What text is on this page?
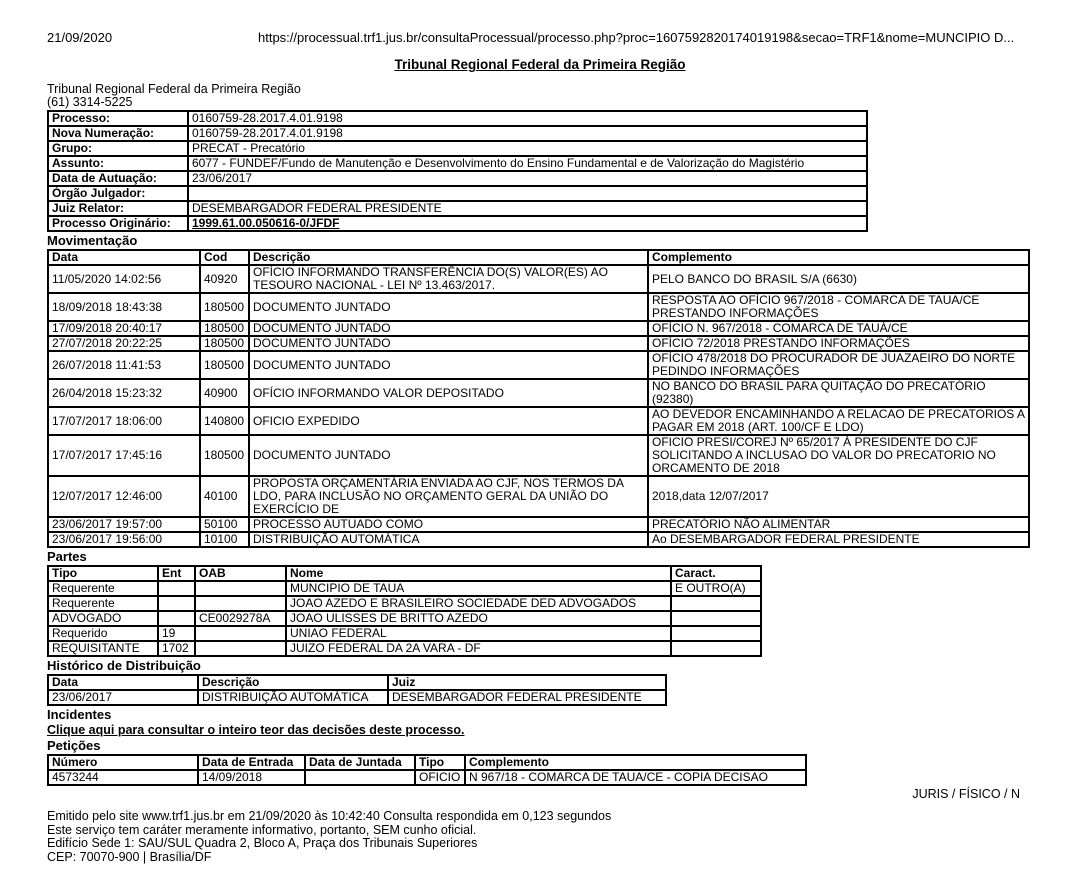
21/09/2020	https://processual.trf1.jus.br/consultaProcessual/processo.php?proc=1607592820174019198&secao=TRF1&nome=MUNCIPIO D...
Tribunal Regional Federal da Primeira Região
Tribunal Regional Federal da Primeira Região
(61) 3314-5225
Processo:	0160759-28.2017.4.01.9198
Nova Numeração:	0160759-28.2017.4.01.9198
Grupo:	PRECAT - Precatório
Assunto:	6077 - FUNDEF/Fundo de Manutenção e Desenvolvimento do Ensino Fundamental e de Valorização do Magistério
Data de Autuação:	23/06/2017
Órgão Julgador:	
Juiz Relator:	DESEMBARGADOR FEDERAL PRESIDENTE
Processo Originário:	1999.61.00.050616-0/JFDF
Movimentação
Data	Cod	Descrição	Complemento
11/05/2020 14:02:56	40920	OFÍCIO INFORMANDO TRANSFERÊNCIA DO(S) VALOR(ES) AO TESOURO NACIONAL - LEI Nº 13.463/2017.	PELO BANCO DO BRASIL S/A (6630)
18/09/2018 18:43:38	180500	DOCUMENTO JUNTADO	RESPOSTA AO OFÍCIO 967/2018 - COMARCA DE TAUA/CE PRESTANDO INFORMAÇÕES
17/09/2018 20:40:17	180500	DOCUMENTO JUNTADO	OFÍCIO N. 967/2018 - COMARCA DE TAUÁ/CE
27/07/2018 20:22:25	180500	DOCUMENTO JUNTADO	OFÍCIO 72/2018 PRESTANDO INFORMAÇÕES
26/07/2018 11:41:53	180500	DOCUMENTO JUNTADO	OFÍCIO 478/2018 DO PROCURADOR DE JUAZAEIRO DO NORTE PEDINDO INFORMAÇÕES
26/04/2018 15:23:32	40900	OFÍCIO INFORMANDO VALOR DEPOSITADO	NO BANCO DO BRASIL PARA QUITAÇÃO DO PRECATÓRIO (92380)
17/07/2017 18:06:00	140800	OFICIO EXPEDIDO	AO DEVEDOR ENCAMINHANDO A RELACAO DE PRECATORIOS A PAGAR EM 2018 (ART. 100/CF E LDO)
17/07/2017 17:45:16	180500	DOCUMENTO JUNTADO	OFICIO PRESI/COREJ Nº 65/2017 À PRESIDENTE DO CJF SOLICITANDO A INCLUSAO DO VALOR DO PRECATORIO NO ORCAMENTO DE 2018
12/07/2017 12:46:00	40100	PROPOSTA ORÇAMENTÁRIA ENVIADA AO CJF, NOS TERMOS DA LDO, PARA INCLUSÃO NO ORÇAMENTO GERAL DA UNIÃO DO EXERCÍCIO DE	2018,data 12/07/2017
23/06/2017 19:57:00	50100	PROCESSO AUTUADO COMO	PRECATÓRIO NÃO ALIMENTAR
23/06/2017 19:56:00	10100	DISTRIBUIÇÃO AUTOMÁTICA	Ao DESEMBARGADOR FEDERAL PRESIDENTE
Partes
Tipo	Ent	OAB	Nome	Caract.
Requerente			MUNCIPIO DE TAUA	E OUTRO(A)
Requerente			JOAO AZEDO E BRASILEIRO SOCIEDADE DED ADVOGADOS	
ADVOGADO		CE0029278A	JOAO ULISSES DE BRITTO AZEDO	
Requerido	19		UNIAO FEDERAL	
REQUISITANTE	1702		JUIZO FEDERAL DA 2A VARA - DF	
Histórico de Distribuição
Data	Descrição	Juiz
23/06/2017	DISTRIBUIÇÃO AUTOMÁTICA	DESEMBARGADOR FEDERAL PRESIDENTE
Incidentes
Clique aqui para consultar o inteiro teor das decisões deste processo.
Petições
Número	Data de Entrada	Data de Juntada	Tipo	Complemento
4573244	14/09/2018		OFICIO	N 967/18 - COMARCA DE TAUA/CE - COPIA DECISAO
JURIS / FÍSICO / N
Emitido pelo site www.trf1.jus.br em 21/09/2020 às 10:42:40 Consulta respondida em 0,123 segundos
Este serviço tem caráter meramente informativo, portanto, SEM cunho oficial.
Edifício Sede 1: SAU/SUL Quadra 2, Bloco A, Praça dos Tribunais Superiores
CEP: 70070-900 | Brasília/DF
